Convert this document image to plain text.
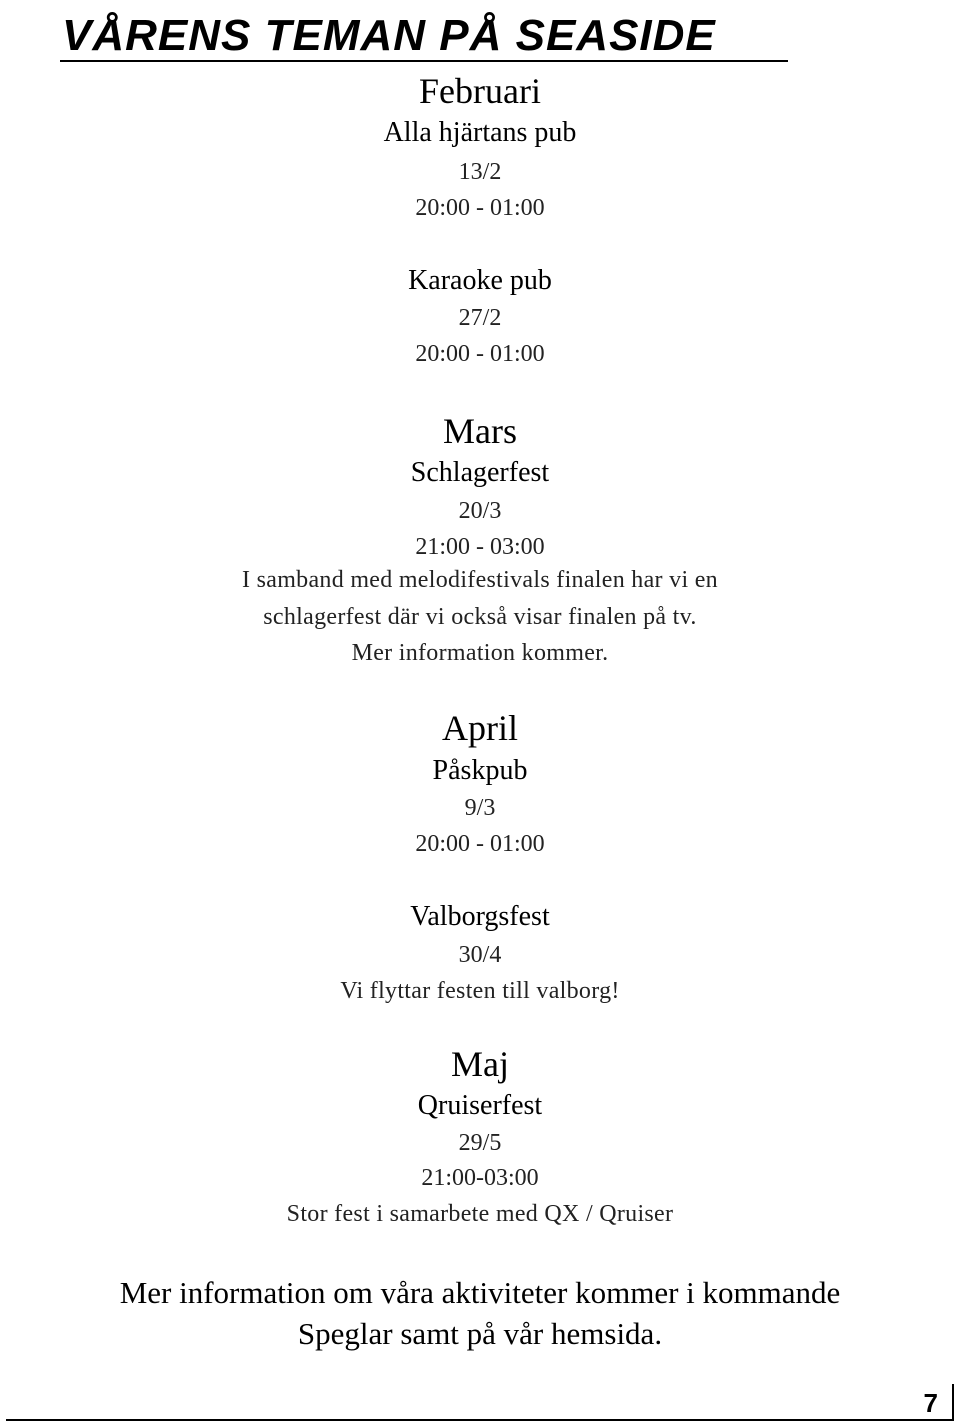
VÅRENS TEMAN PÅ SEASIDE
Februari
Alla hjärtans pub
13/2
20:00 - 01:00
Karaoke pub
27/2
20:00 - 01:00
Mars
Schlagerfest
20/3
21:00 - 03:00
I samband med melodifestivals finalen har vi en
schlagerfest där vi också visar finalen på tv.
Mer information kommer.
April
Påskpub
9/3
20:00 - 01:00
Valborgsfest
30/4
Vi flyttar festen till valborg!
Maj
Qruiserfest
29/5
21:00-03:00
Stor fest i samarbete med QX / Qruiser
Mer information om våra aktiviteter kommer i kommande
Speglar samt på vår hemsida.
7
